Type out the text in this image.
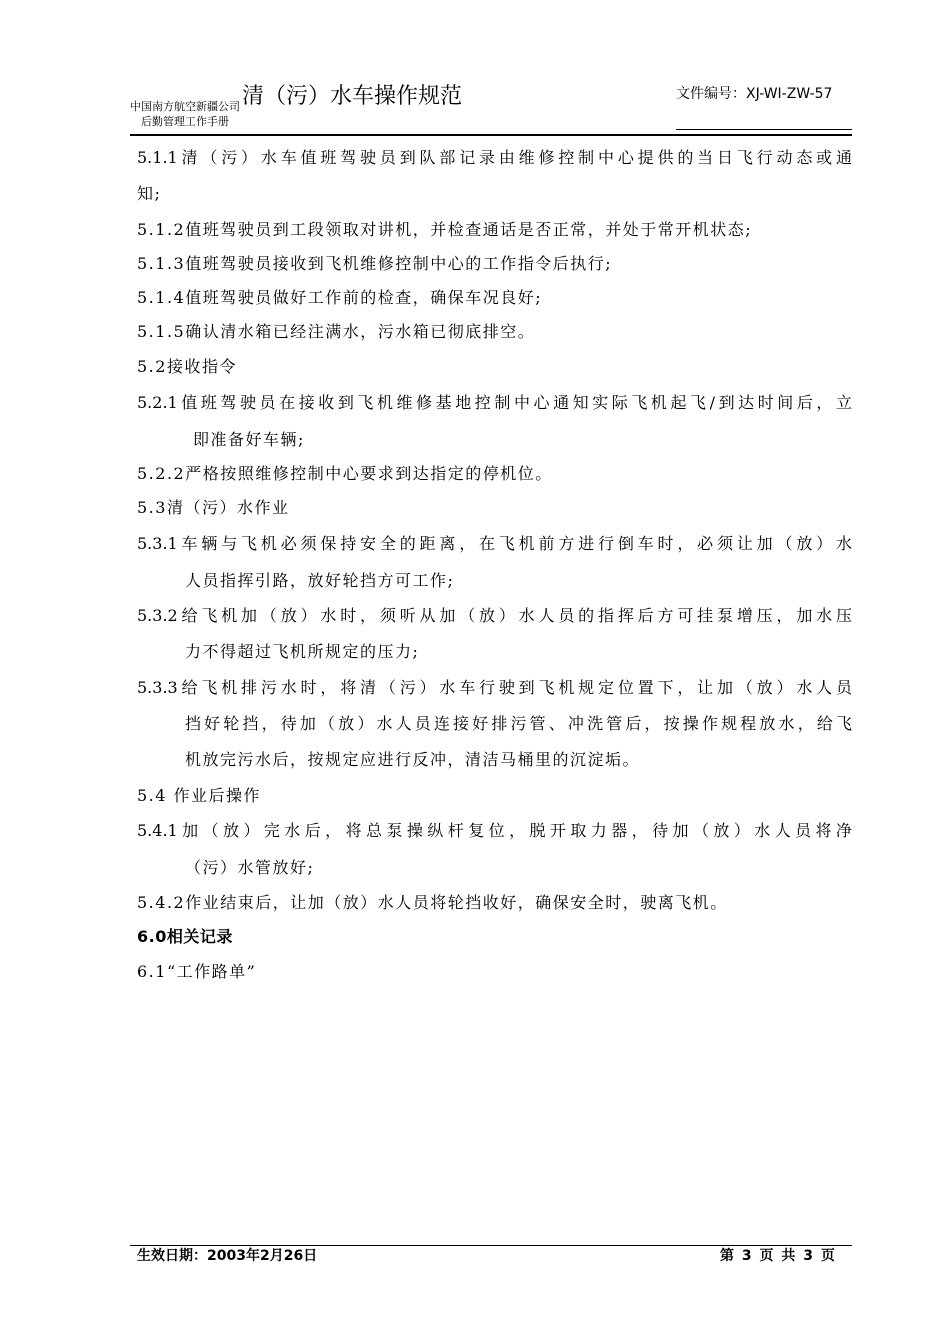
中国南方航空新疆公司
后勤管理工作手册
清（污）水车操作规范	文件编号：XJ-WI-ZW-57
5.1.1清（污）水车值班驾驶员到队部记录由维修控制中心提供的当日飞行动态或通
知;
5.1.2值班驾驶员到工段领取对讲机，并检查通话是否正常，并处于常开机状态;
5.1.3值班驾驶员接收到飞机维修控制中心的工作指令后执行;
5.1.4值班驾驶员做好工作前的检查，确保车况良好;
5.1.5确认清水箱已经注满水，污水箱已彻底排空。
5.2接收指令
5.2.1值班驾驶员在接收到飞机维修基地控制中心通知实际飞机起飞/到达时间后，立
即准备好车辆;
5.2.2严格按照维修控制中心要求到达指定的停机位。
5.3清（污）水作业
5.3.1车辆与飞机必须保持安全的距离，在飞机前方进行倒车时，必须让加（放）水
人员指挥引路，放好轮挡方可工作;
5.3.2给飞机加（放）水时，须听从加（放）水人员的指挥后方可挂泵增压，加水压
力不得超过飞机所规定的压力;
5.3.3给飞机排污水时，将清（污）水车行驶到飞机规定位置下，让加（放）水人员
挡好轮挡，待加（放）水人员连接好排污管、冲洗管后，按操作规程放水，给飞
机放完污水后，按规定应进行反冲，清洁马桶里的沉淀垢。
5.4 作业后操作
5.4.1加（放）完水后，将总泵操纵杆复位，脱开取力器，待加（放）水人员将净
（污）水管放好;
5.4.2作业结束后，让加（放）水人员将轮挡收好，确保安全时，驶离飞机。
6.0相关记录
6.1“工作路单”
生效日期：2003年2月26日	第 3 页 共 3 页
